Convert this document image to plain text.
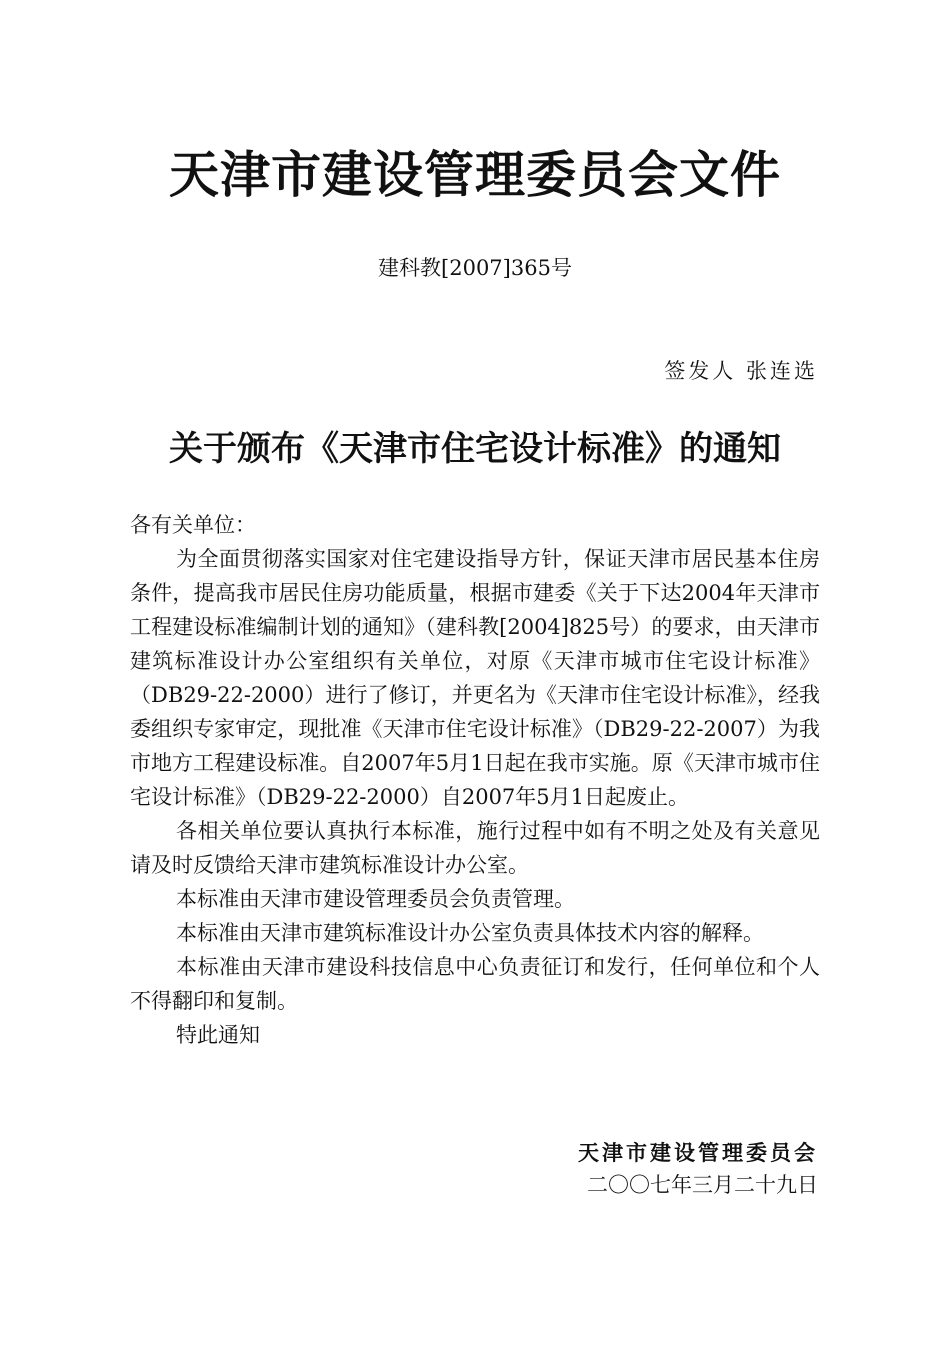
天津市建设管理委员会文件
建科教[2007]365号
签发人 张连选
关于颁布《天津市住宅设计标准》的通知

各有关单位：

为全面贯彻落实国家对住宅建设指导方针，保证天津市居民基本住房条件，提高我市居民住房功能质量，根据市建委《关于下达2004年天津市工程建设标准编制计划的通知》（建科教[2004]825号）的要求，由天津市建筑标准设计办公室组织有关单位，对原《天津市城市住宅设计标准》（DB29-22-2000）进行了修订，并更名为《天津市住宅设计标准》，经我委组织专家审定，现批准《天津市住宅设计标准》（DB29-22-2007）为我市地方工程建设标准。自2007年5月1日起在我市实施。原《天津市城市住宅设计标准》（DB29-22-2000）自2007年5月1日起废止。

各相关单位要认真执行本标准，施行过程中如有不明之处及有关意见请及时反馈给天津市建筑标准设计办公室。

本标准由天津市建设管理委员会负责管理。

本标准由天津市建筑标准设计办公室负责具体技术内容的解释。

本标准由天津市建设科技信息中心负责征订和发行，任何单位和个人不得翻印和复制。

特此通知

天津市建设管理委员会
二〇〇七年三月二十九日
